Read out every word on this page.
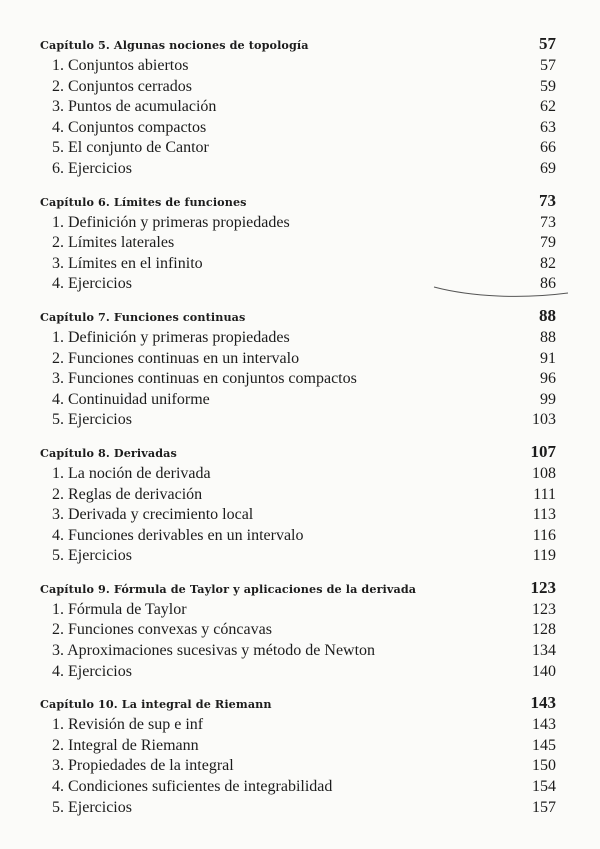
Capítulo 5. Algunas nociones de topología	57
1. Conjuntos abiertos	57
2. Conjuntos cerrados	59
3. Puntos de acumulación	62
4. Conjuntos compactos	63
5. El conjunto de Cantor	66
6. Ejercicios	69
Capítulo 6. Límites de funciones	73
1. Definición y primeras propiedades	73
2. Límites laterales	79
3. Límites en el infinito	82
4. Ejercicios	86
Capítulo 7. Funciones continuas	88
1. Definición y primeras propiedades	88
2. Funciones continuas en un intervalo	91
3. Funciones continuas en conjuntos compactos	96
4. Continuidad uniforme	99
5. Ejercicios	103
Capítulo 8. Derivadas	107
1. La noción de derivada	108
2. Reglas de derivación	111
3. Derivada y crecimiento local	113
4. Funciones derivables en un intervalo	116
5. Ejercicios	119
Capítulo 9. Fórmula de Taylor y aplicaciones de la derivada	123
1. Fórmula de Taylor	123
2. Funciones convexas y cóncavas	128
3. Aproximaciones sucesivas y método de Newton	134
4. Ejercicios	140
Capítulo 10. La integral de Riemann	143
1. Revisión de sup e inf	143
2. Integral de Riemann	145
3. Propiedades de la integral	150
4. Condiciones suficientes de integrabilidad	154
5. Ejercicios	157
